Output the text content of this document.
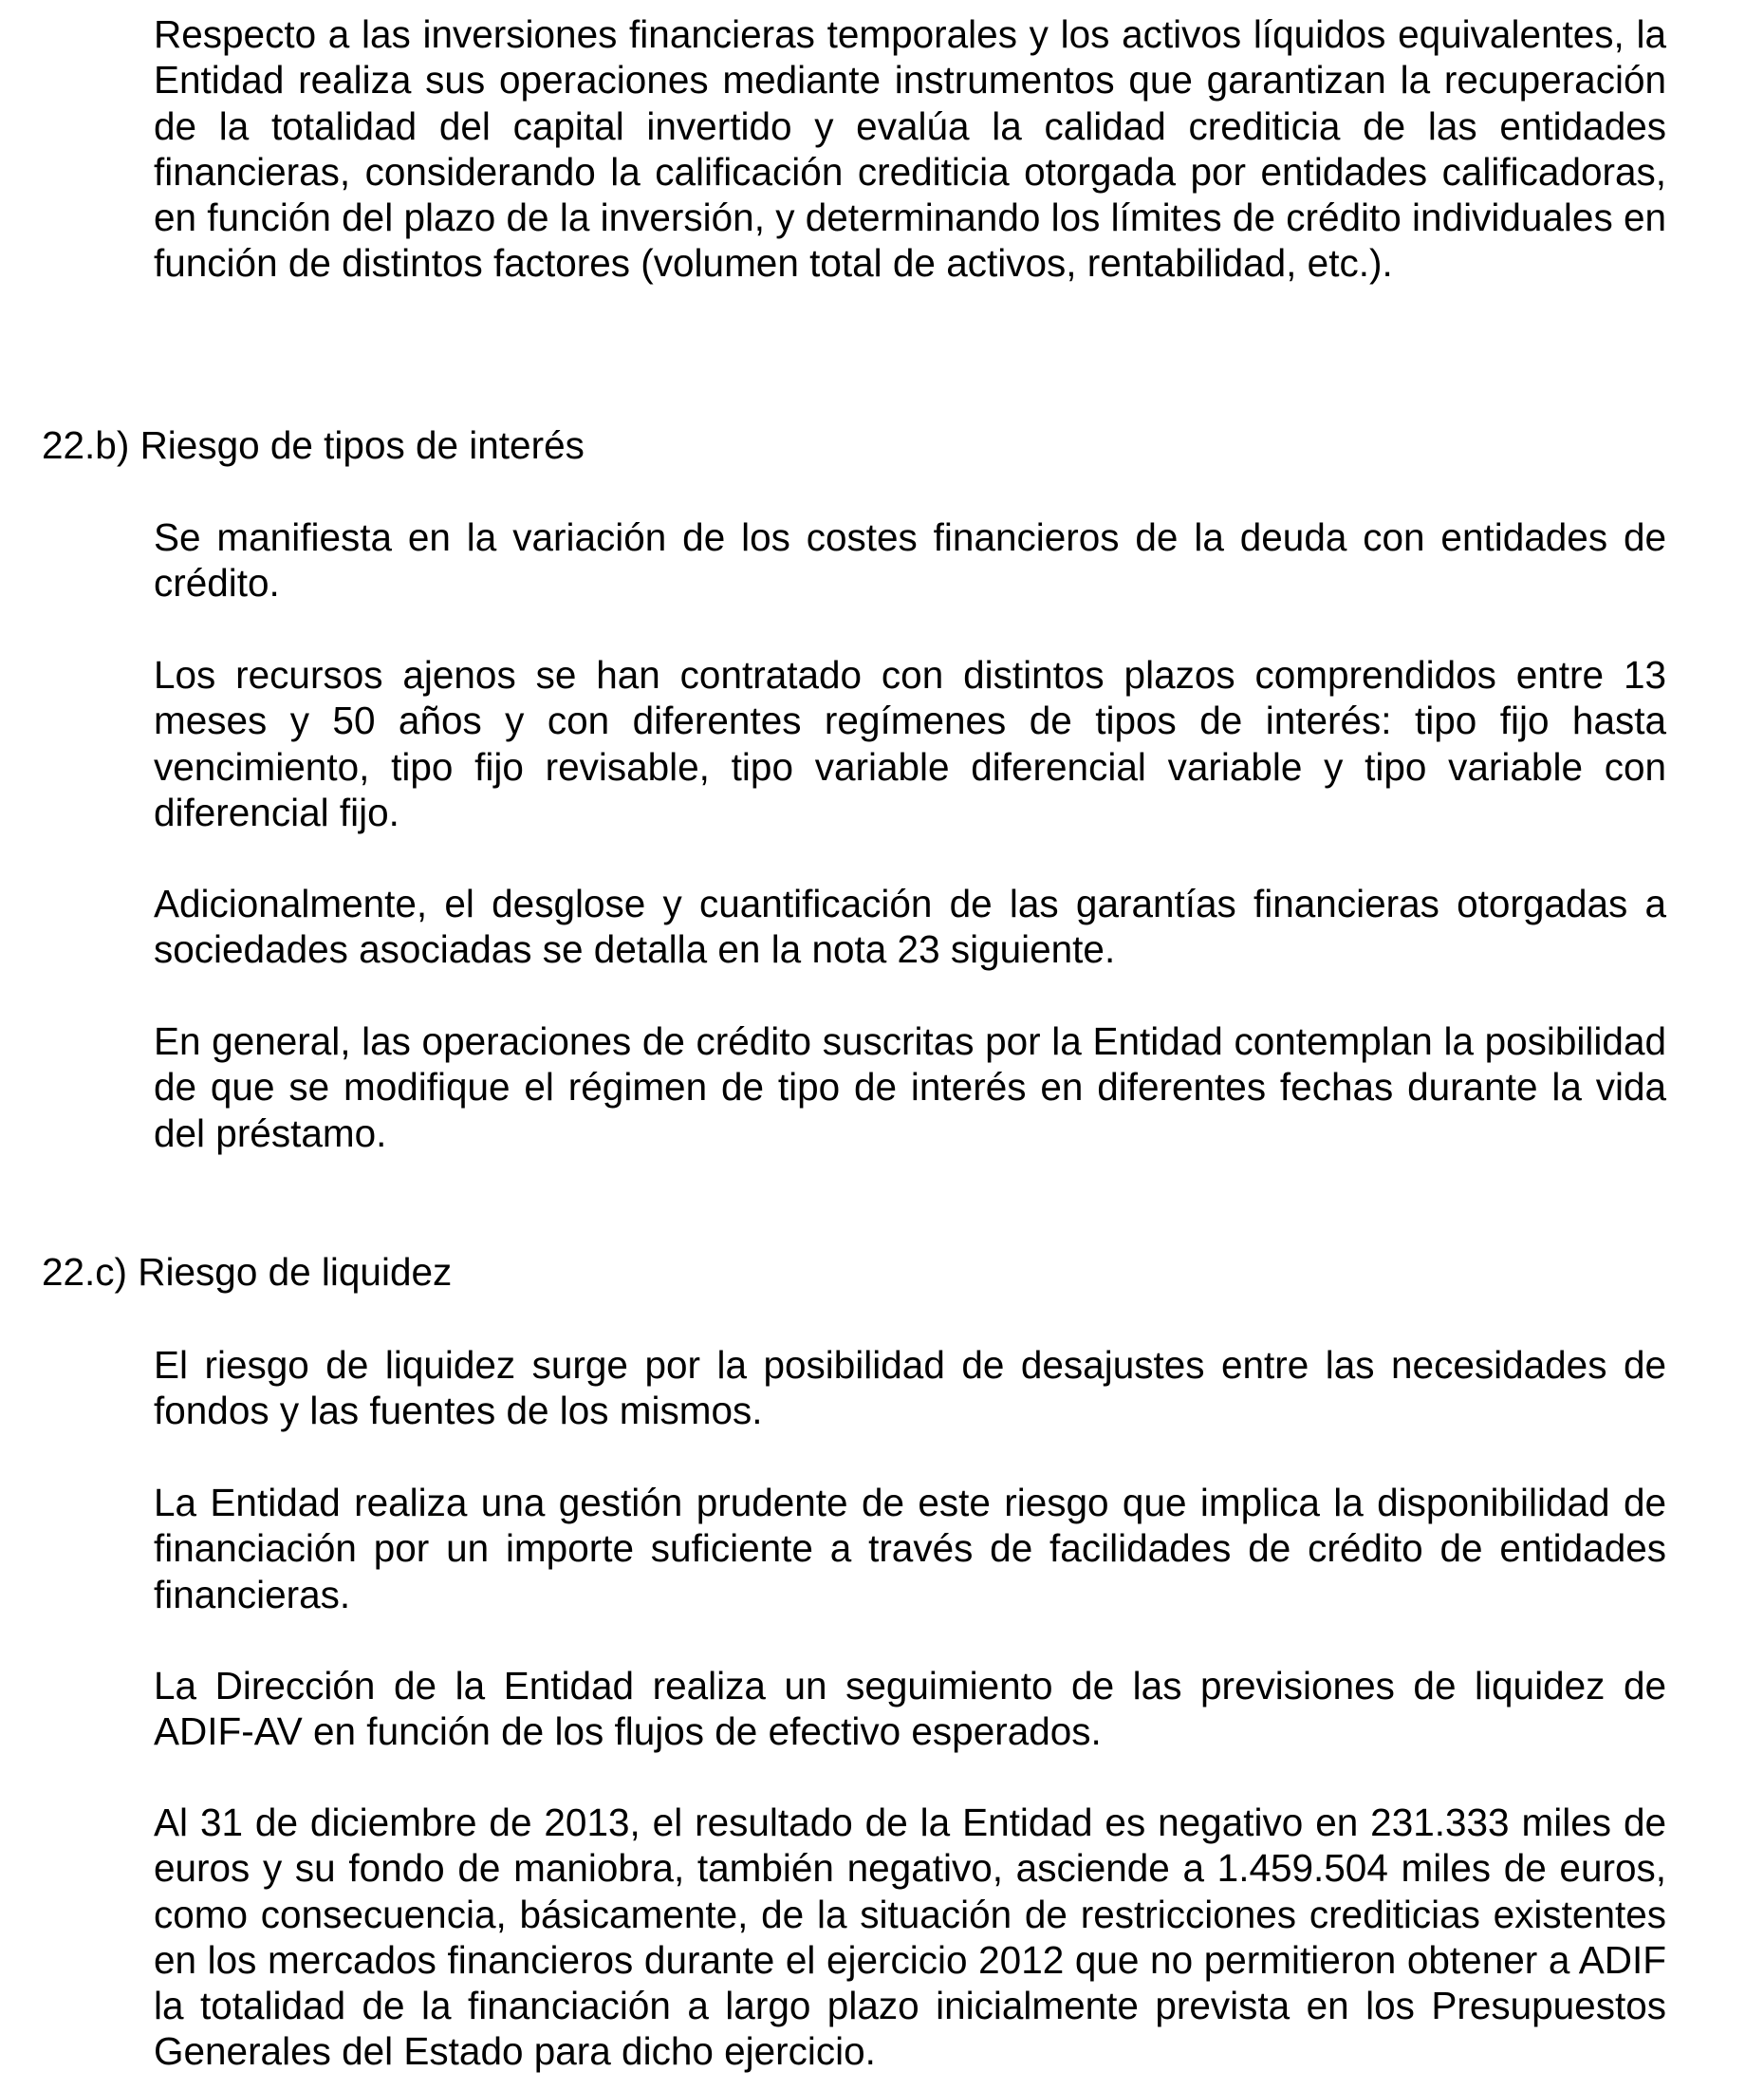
Respecto a las inversiones financieras temporales y los activos líquidos equivalentes, la Entidad realiza sus operaciones mediante instrumentos que garantizan la recuperación de la totalidad del capital invertido y evalúa la calidad crediticia de las entidades financieras, considerando la calificación crediticia otorgada por entidades calificadoras, en función del plazo de la inversión, y determinando los límites de crédito individuales en función de distintos factores (volumen total de activos, rentabilidad, etc.).

22.b) Riesgo de tipos de interés

Se manifiesta en la variación de los costes financieros de la deuda con entidades de crédito.

Los recursos ajenos se han contratado con distintos plazos comprendidos entre 13 meses y 50 años y con diferentes regímenes de tipos de interés: tipo fijo hasta vencimiento, tipo fijo revisable, tipo variable diferencial variable y tipo variable con diferencial fijo.

Adicionalmente, el desglose y cuantificación de las garantías financieras otorgadas a sociedades asociadas se detalla en la nota 23 siguiente.

En general, las operaciones de crédito suscritas por la Entidad contemplan la posibilidad de que se modifique el régimen de tipo de interés en diferentes fechas durante la vida del préstamo.

22.c) Riesgo de liquidez

El riesgo de liquidez surge por la posibilidad de desajustes entre las necesidades de fondos y las fuentes de los mismos.

La Entidad realiza una gestión prudente de este riesgo que implica la disponibilidad de financiación por un importe suficiente a través de facilidades de crédito de entidades financieras.

La Dirección de la Entidad realiza un seguimiento de las previsiones de liquidez de ADIF-AV en función de los flujos de efectivo esperados.

Al 31 de diciembre de 2013, el resultado de la Entidad es negativo en 231.333 miles de euros y su fondo de maniobra, también negativo, asciende a 1.459.504 miles de euros, como consecuencia, básicamente, de la situación de restricciones crediticias existentes en los mercados financieros durante el ejercicio 2012 que no permitieron obtener a ADIF la totalidad de la financiación a largo plazo inicialmente prevista en los Presupuestos Generales del Estado para dicho ejercicio.
